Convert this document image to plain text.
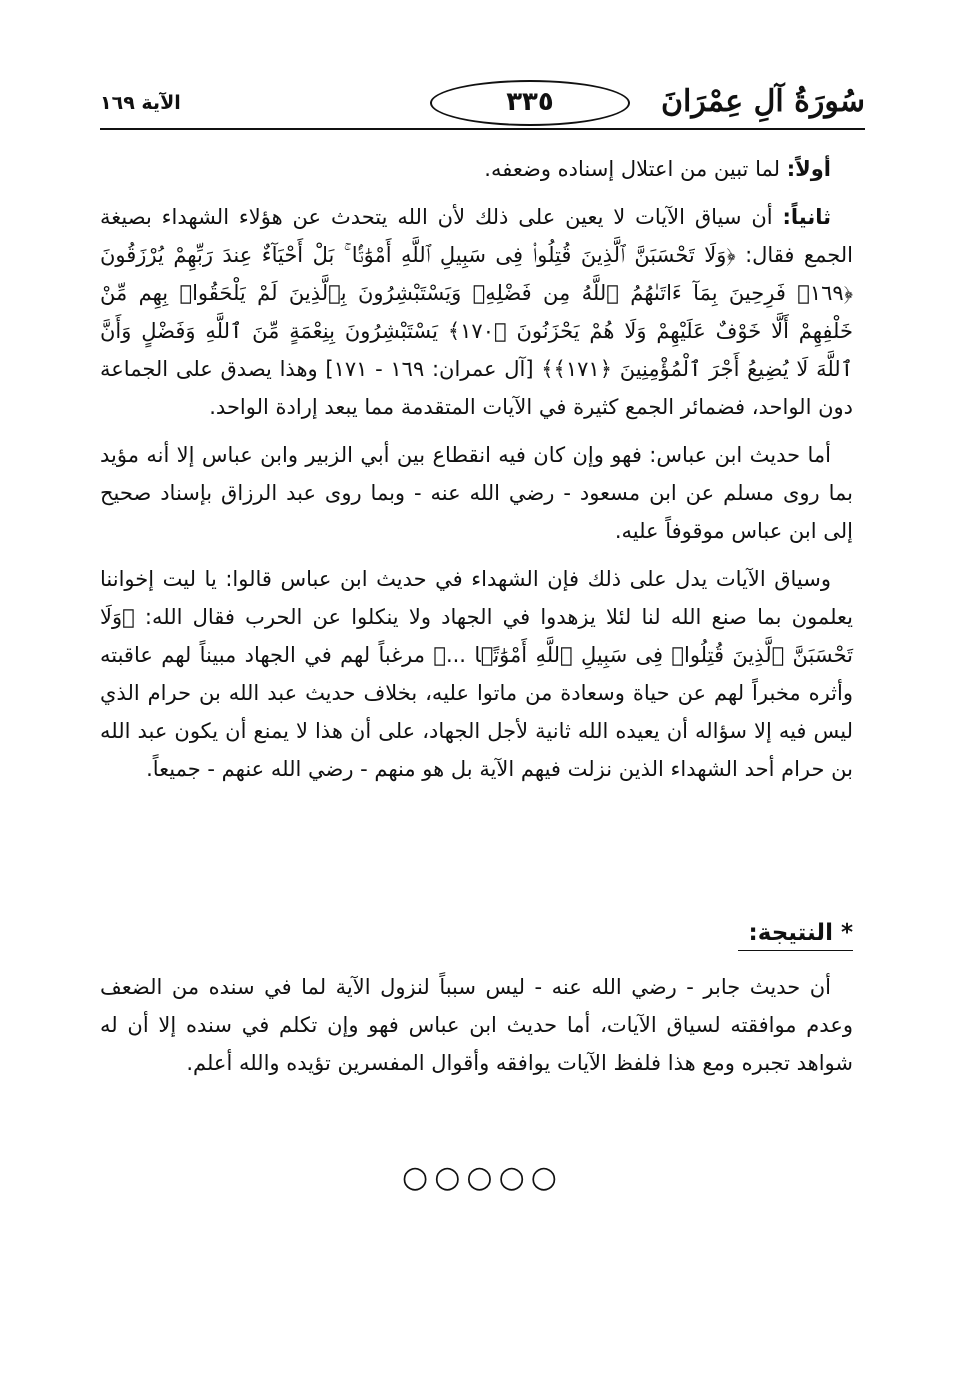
سُورَةُ آلِ عِمْرَانَ
٣٣٥
الآية ١٦٩

أولاً: لما تبين من اعتلال إسناده وضعفه.

ثانياً: أن سياق الآيات لا يعين على ذلك لأن الله يتحدث عن هؤلاء الشهداء بصيغة الجمع فقال: ﴿وَلَا تَحْسَبَنَّ ٱلَّذِينَ قُتِلُوا۟ فِى سَبِيلِ ٱللَّهِ أَمْوَٰتًۢا ۚ بَلْ أَحْيَآءٌ عِندَ رَبِّهِمْ يُرْزَقُونَ ﴿١٦٩﴾ فَرِحِينَ بِمَآ ءَاتَىٰهُمُ ٱللَّهُ مِن فَضْلِهِۦ وَيَسْتَبْشِرُونَ بِٱلَّذِينَ لَمْ يَلْحَقُوا۟ بِهِم مِّنْ خَلْفِهِمْ أَلَّا خَوْفٌ عَلَيْهِمْ وَلَا هُمْ يَحْزَنُونَ ﴿١٧٠﴾ يَسْتَبْشِرُونَ بِنِعْمَةٍ مِّنَ ٱللَّهِ وَفَضْلٍ وَأَنَّ ٱللَّهَ لَا يُضِيعُ أَجْرَ ٱلْمُؤْمِنِينَ ﴿١٧١﴾﴾ [آل عمران: ١٦٩ - ١٧١] وهذا يصدق على الجماعة دون الواحد، فضمائر الجمع كثيرة في الآيات المتقدمة مما يبعد إرادة الواحد.

أما حديث ابن عباس: فهو وإن كان فيه انقطاع بين أبي الزبير وابن عباس إلا أنه مؤيد بما روى مسلم عن ابن مسعود - رضي الله عنه - وبما روى عبد الرزاق بإسناد صحيح إلى ابن عباس موقوفاً عليه.

وسياق الآيات يدل على ذلك فإن الشهداء في حديث ابن عباس قالوا: يا ليت إخواننا يعلمون بما صنع الله لنا لئلا يزهدوا في الجهاد ولا ينكلوا عن الحرب فقال الله: ﴿وَلَا تَحْسَبَنَّ ٱلَّذِينَ قُتِلُوا۟ فِى سَبِيلِ ٱللَّهِ أَمْوَٰتًۢا ...﴾ مرغباً لهم في الجهاد مبيناً لهم عاقبته وأثره مخبراً لهم عن حياة وسعادة من ماتوا عليه، بخلاف حديث عبد الله بن حرام الذي ليس فيه إلا سؤاله أن يعيده الله ثانية لأجل الجهاد، على أن هذا لا يمنع أن يكون عبد الله بن حرام أحد الشهداء الذين نزلت فيهم الآية بل هو منهم - رضي الله عنهم - جميعاً.

* النتيجة:

أن حديث جابر - رضي الله عنه - ليس سبباً لنزول الآية لما في سنده من الضعف وعدم موافقته لسياق الآيات، أما حديث ابن عباس فهو وإن تكلم في سنده إلا أن له شواهد تجبره ومع هذا فلفظ الآيات يوافقه وأقوال المفسرين تؤيده والله أعلم.

○○○○○
